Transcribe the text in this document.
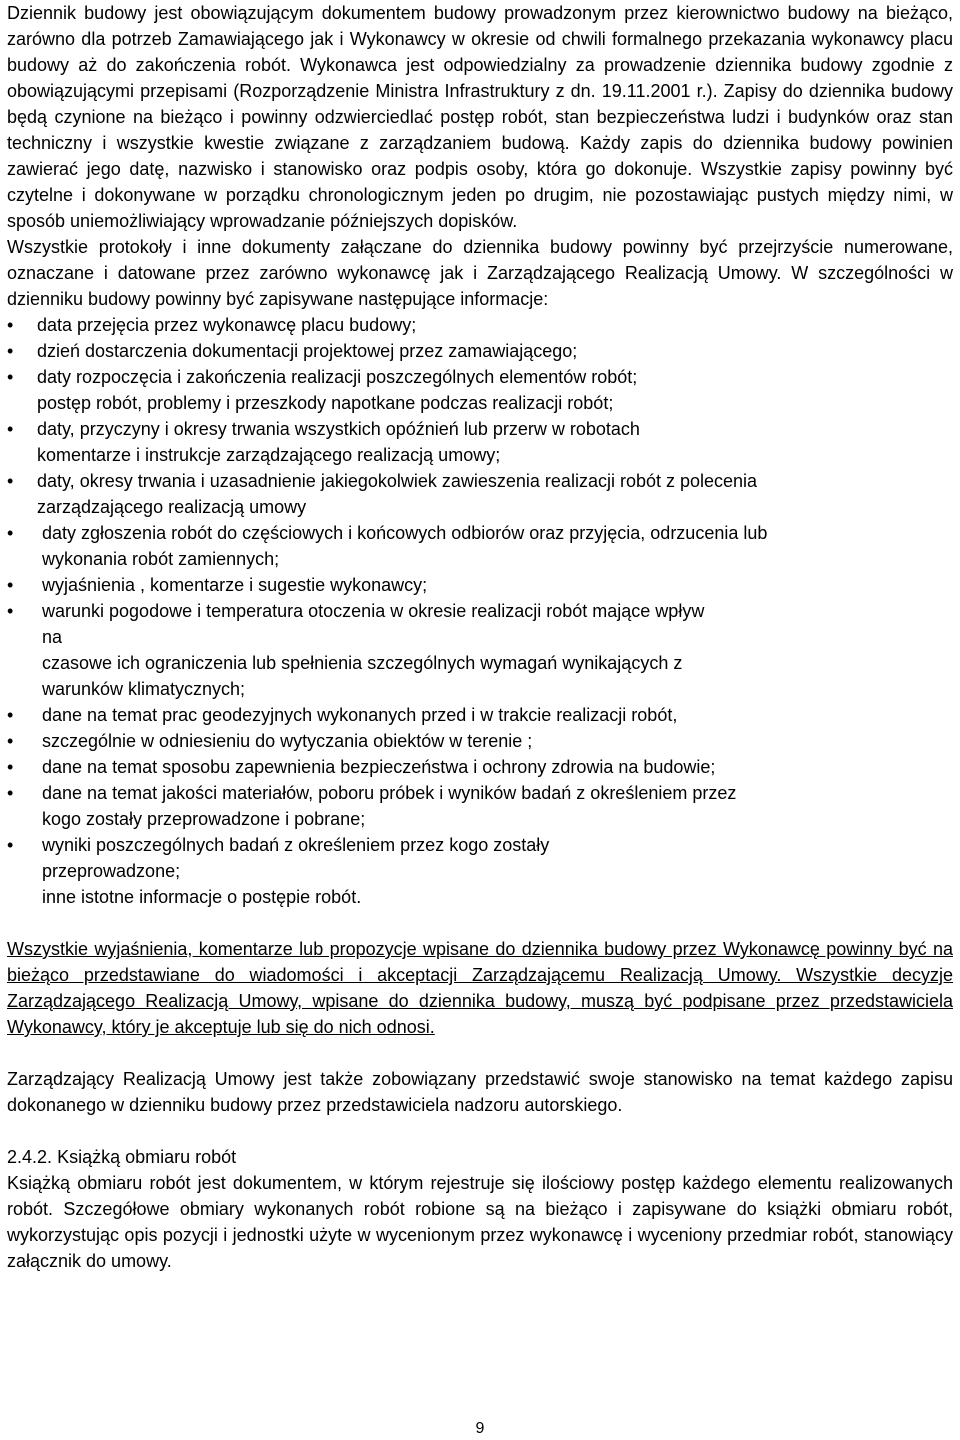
Dziennik budowy jest obowiązującym dokumentem budowy prowadzonym przez kierownictwo budowy na bieżąco, zarówno dla potrzeb Zamawiającego jak i Wykonawcy w okresie od chwili formalnego przekazania wykonawcy placu budowy aż do zakończenia robót. Wykonawca jest odpowiedzialny za prowadzenie dziennika budowy zgodnie z obowiązującymi przepisami (Rozporządzenie Ministra Infrastruktury z dn. 19.11.2001 r.). Zapisy do dziennika budowy będą czynione na bieżąco i powinny odzwierciedlać postęp robót, stan bezpieczeństwa ludzi i budynków oraz stan techniczny i wszystkie kwestie związane z zarządzaniem budową. Każdy zapis do dziennika budowy powinien zawierać jego datę, nazwisko i stanowisko oraz podpis osoby, która go dokonuje. Wszystkie zapisy powinny być czytelne i dokonywane w porządku chronologicznym jeden po drugim, nie pozostawiając pustych między nimi, w sposób uniemożliwiający wprowadzanie późniejszych dopisków.

Wszystkie protokoły i inne dokumenty załączane do dziennika budowy powinny być przejrzyście numerowane, oznaczane i datowane przez zarówno wykonawcę jak i Zarządzającego Realizacją Umowy. W szczególności w dzienniku budowy powinny być zapisywane następujące informacje:

• data przejęcia przez wykonawcę placu budowy;
• dzień dostarczenia dokumentacji projektowej przez zamawiającego;
• daty rozpoczęcia i zakończenia realizacji poszczególnych elementów robót;
postęp robót, problemy i przeszkody napotkane podczas realizacji robót;
• daty, przyczyny i okresy trwania wszystkich opóźnień lub przerw w robotach
komentarze i instrukcje zarządzającego realizacją umowy;
• daty, okresy trwania i uzasadnienie jakiegokolwiek zawieszenia realizacji robót z polecenia
zarządzającego realizacją umowy
• daty zgłoszenia robót do częściowych i końcowych odbiorów oraz przyjęcia, odrzucenia lub
wykonania robót zamiennych;
• wyjaśnienia , komentarze i sugestie wykonawcy;
• warunki pogodowe i temperatura otoczenia w okresie realizacji robót mające wpływ
na
czasowe ich ograniczenia lub spełnienia szczególnych wymagań wynikających z
warunków klimatycznych;
• dane na temat prac geodezyjnych wykonanych przed i w trakcie realizacji robót,
• szczególnie w odniesieniu do wytyczania obiektów w terenie ;
• dane na temat sposobu zapewnienia bezpieczeństwa i ochrony zdrowia na budowie;
• dane na temat jakości materiałów, poboru próbek i wyników badań z określeniem przez
kogo zostały przeprowadzone i pobrane;
• wyniki poszczególnych badań z określeniem przez kogo zostały
przeprowadzone;
inne istotne informacje o postępie robót.

Wszystkie wyjaśnienia, komentarze lub propozycje wpisane do dziennika budowy przez Wykonawcę powinny być na bieżąco przedstawiane do wiadomości i akceptacji Zarządzającemu Realizacją Umowy. Wszystkie decyzje Zarządzającego Realizacją Umowy, wpisane do dziennika budowy, muszą być podpisane przez przedstawiciela Wykonawcy, który je akceptuje lub się do nich odnosi.

Zarządzający Realizacją Umowy jest także zobowiązany przedstawić swoje stanowisko na temat każdego zapisu dokonanego w dzienniku budowy przez przedstawiciela nadzoru autorskiego.

2.4.2. Książką obmiaru robót

Książką obmiaru robót jest dokumentem, w którym rejestruje się ilościowy postęp każdego elementu realizowanych robót. Szczegółowe obmiary wykonanych robót robione są na bieżąco i zapisywane do książki obmiaru robót, wykorzystując opis pozycji i jednostki użyte w wycenionym przez wykonawcę i wyceniony przedmiar robót, stanowiący załącznik do umowy.

9
